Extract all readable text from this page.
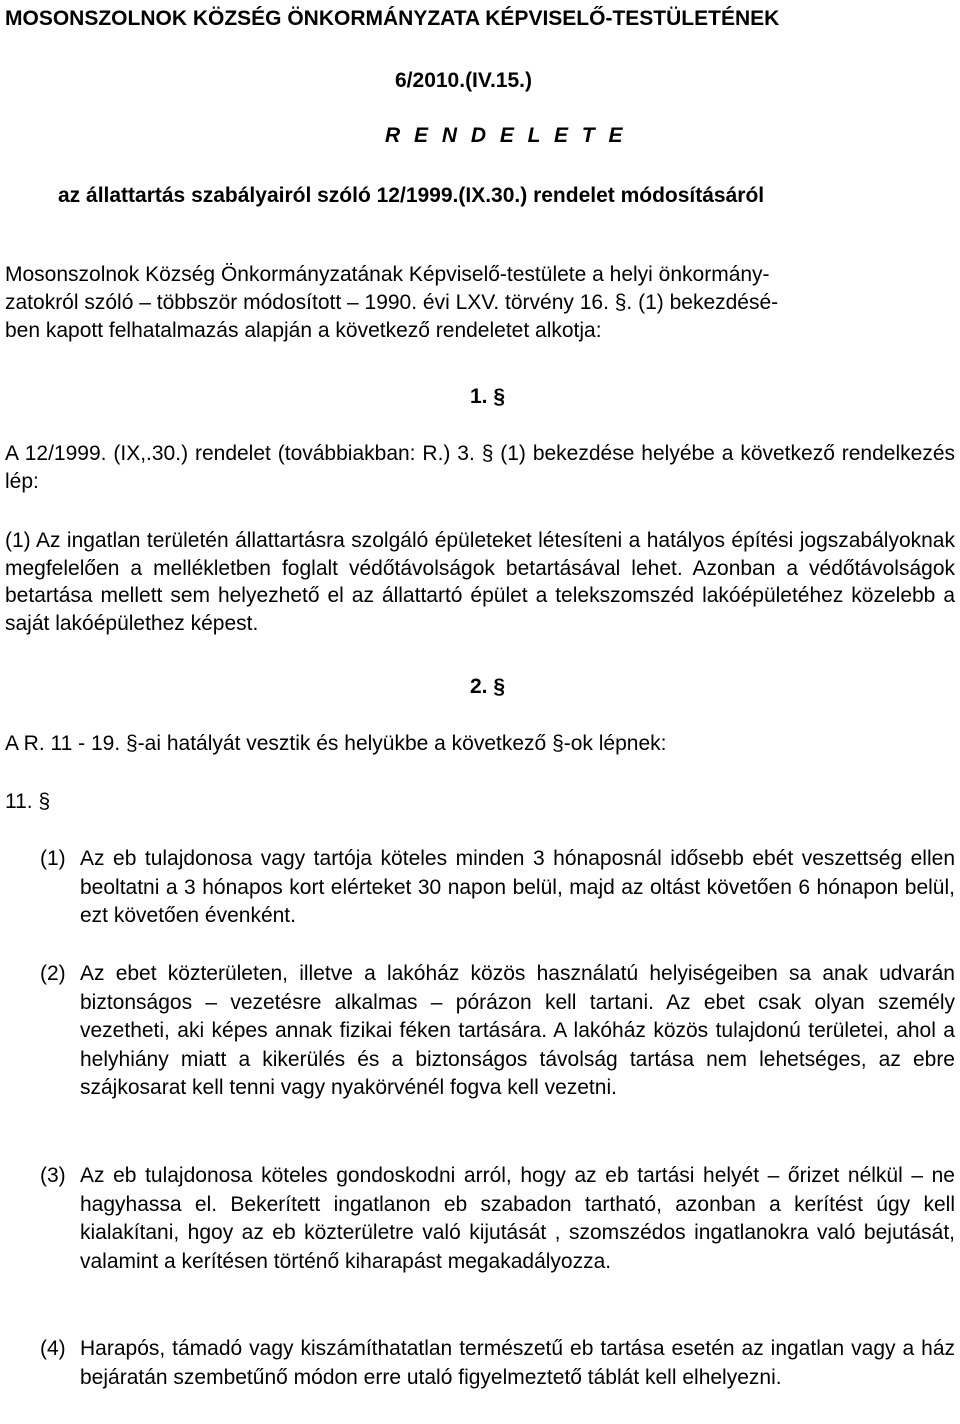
MOSONSZOLNOK KÖZSÉG ÖNKORMÁNYZATA KÉPVISELŐ-TESTÜLETÉNEK
6/2010.(IV.15.)
R E N D E L E T E
az állattartás szabályairól szóló 12/1999.(IX.30.) rendelet módosításáról
Mosonszolnok Község Önkormányzatának Képviselő-testülete a helyi önkormány-
zatokról szóló – többször módosított – 1990. évi LXV. törvény 16. §. (1) bekezdésé-
ben kapott felhatalmazás alapján a következő rendeletet alkotja:
1. §
A 12/1999. (IX,.30.) rendelet (továbbiakban: R.) 3. § (1) bekezdése helyébe a következő rendelkezés lép:
(1) Az ingatlan területén állattartásra szolgáló épületeket létesíteni a hatályos építési jogszabályoknak megfelelően a mellékletben foglalt védőtávolságok betartásával lehet. Azonban a védőtávolságok betartása mellett sem helyezhető el az állattartó épület a telekszomszéd lakóépületéhez közelebb a saját lakóépülethez képest.
2. §
A R. 11 - 19. §-ai hatályát vesztik és helyükbe a következő §-ok lépnek:
11. §
(1) Az eb tulajdonosa vagy tartója köteles minden 3 hónaposnál idősebb ebét veszettség ellen beoltatni a 3 hónapos kort elérteket 30 napon belül, majd az oltást követően 6 hónapon belül, ezt követően évenként.
(2) Az ebet közterületen, illetve a lakóház közös használatú helyiségeiben sa anak udvarán biztonságos – vezetésre alkalmas – pórázon kell tartani. Az ebet csak olyan személy vezetheti, aki képes annak fizikai féken tartására. A lakóház közös tulajdonú területei, ahol a helyhiány miatt a kikerülés és a biztonságos távolság tartása nem lehetséges, az ebre szájkosarat kell tenni vagy nyakörvénél fogva kell vezetni.
(3) Az eb tulajdonosa köteles gondoskodni arról, hogy az eb tartási helyét – őrizet nélkül – ne hagyhassa el. Bekerített ingatlanon eb szabadon tartható, azonban a kerítést úgy kell kialakítani, hgoy az eb közterületre való kijutását , szomszédos ingatlanokra való bejutását, valamint a kerítésen történő kiharapást megakadályozza.
(4) Harapós, támadó vagy kiszámíthatatlan természetű eb tartása esetén az ingatlan vagy a ház bejáratán szembetűnő módon erre utaló figyelmeztető táblát kell elhelyezni.
